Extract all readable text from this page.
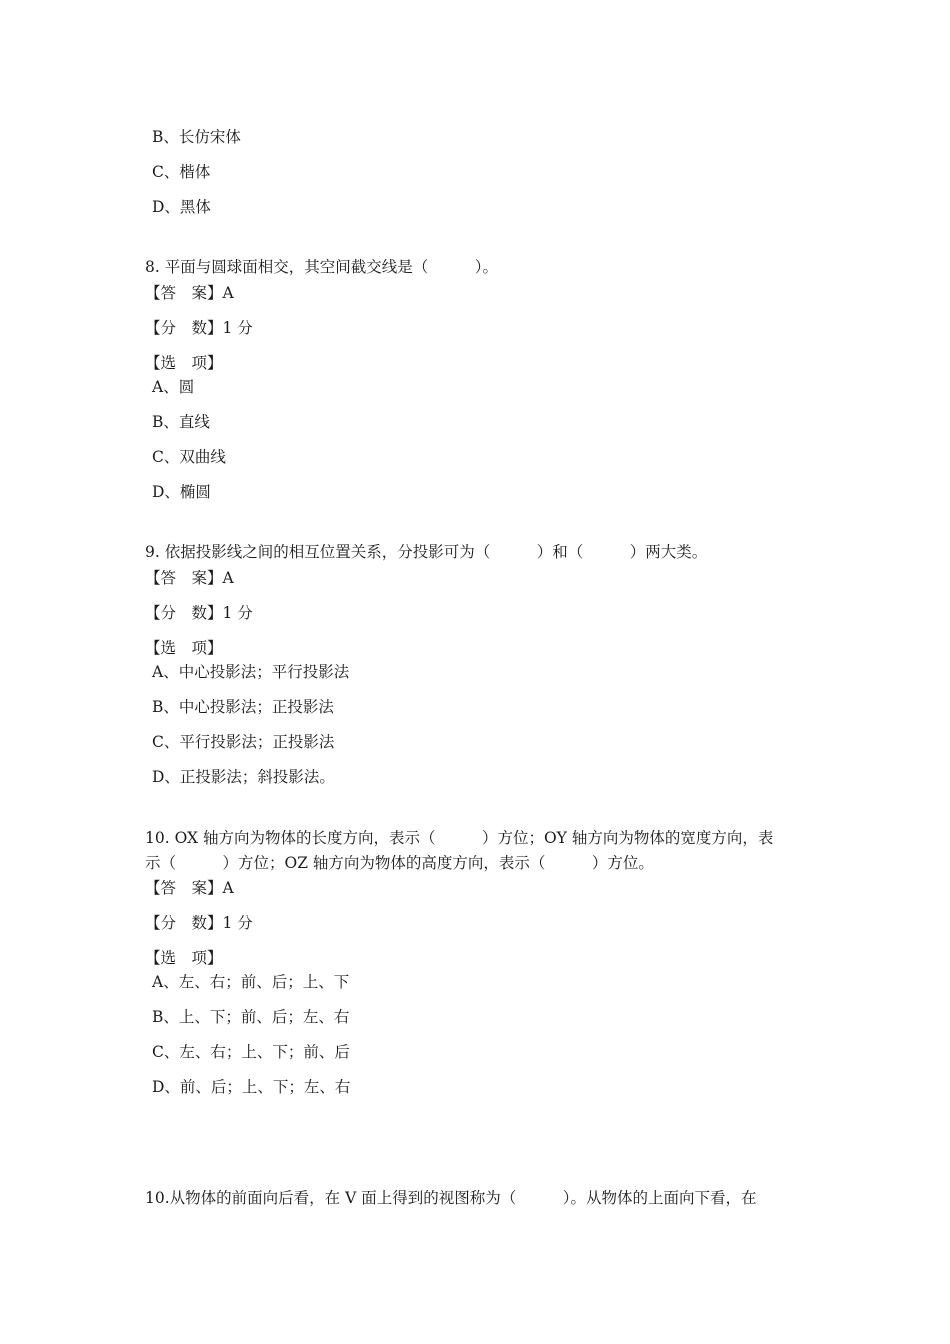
B、长仿宋体
C、楷体
D、黑体
8. 平面与圆球面相交，其空间截交线是（　　　）。
【答　案】A
【分　数】1 分
【选　项】
A、圆
B、直线
C、双曲线
D、椭圆
9. 依据投影线之间的相互位置关系，分投影可为（　　　）和（　　　）两大类。
【答　案】A
【分　数】1 分
【选　项】
A、中心投影法；平行投影法
B、中心投影法；正投影法
C、平行投影法；正投影法
D、正投影法；斜投影法。
10. OX 轴方向为物体的长度方向，表示（　　　）方位；OY 轴方向为物体的宽度方向，表
示（　　　）方位；OZ 轴方向为物体的高度方向，表示（　　　）方位。
【答　案】A
【分　数】1 分
【选　项】
A、左、右；前、后；上、下
B、上、下；前、后；左、右
C、左、右；上、下；前、后
D、前、后；上、下；左、右
10.从物体的前面向后看，在 V 面上得到的视图称为（　　　）。从物体的上面向下看，在
